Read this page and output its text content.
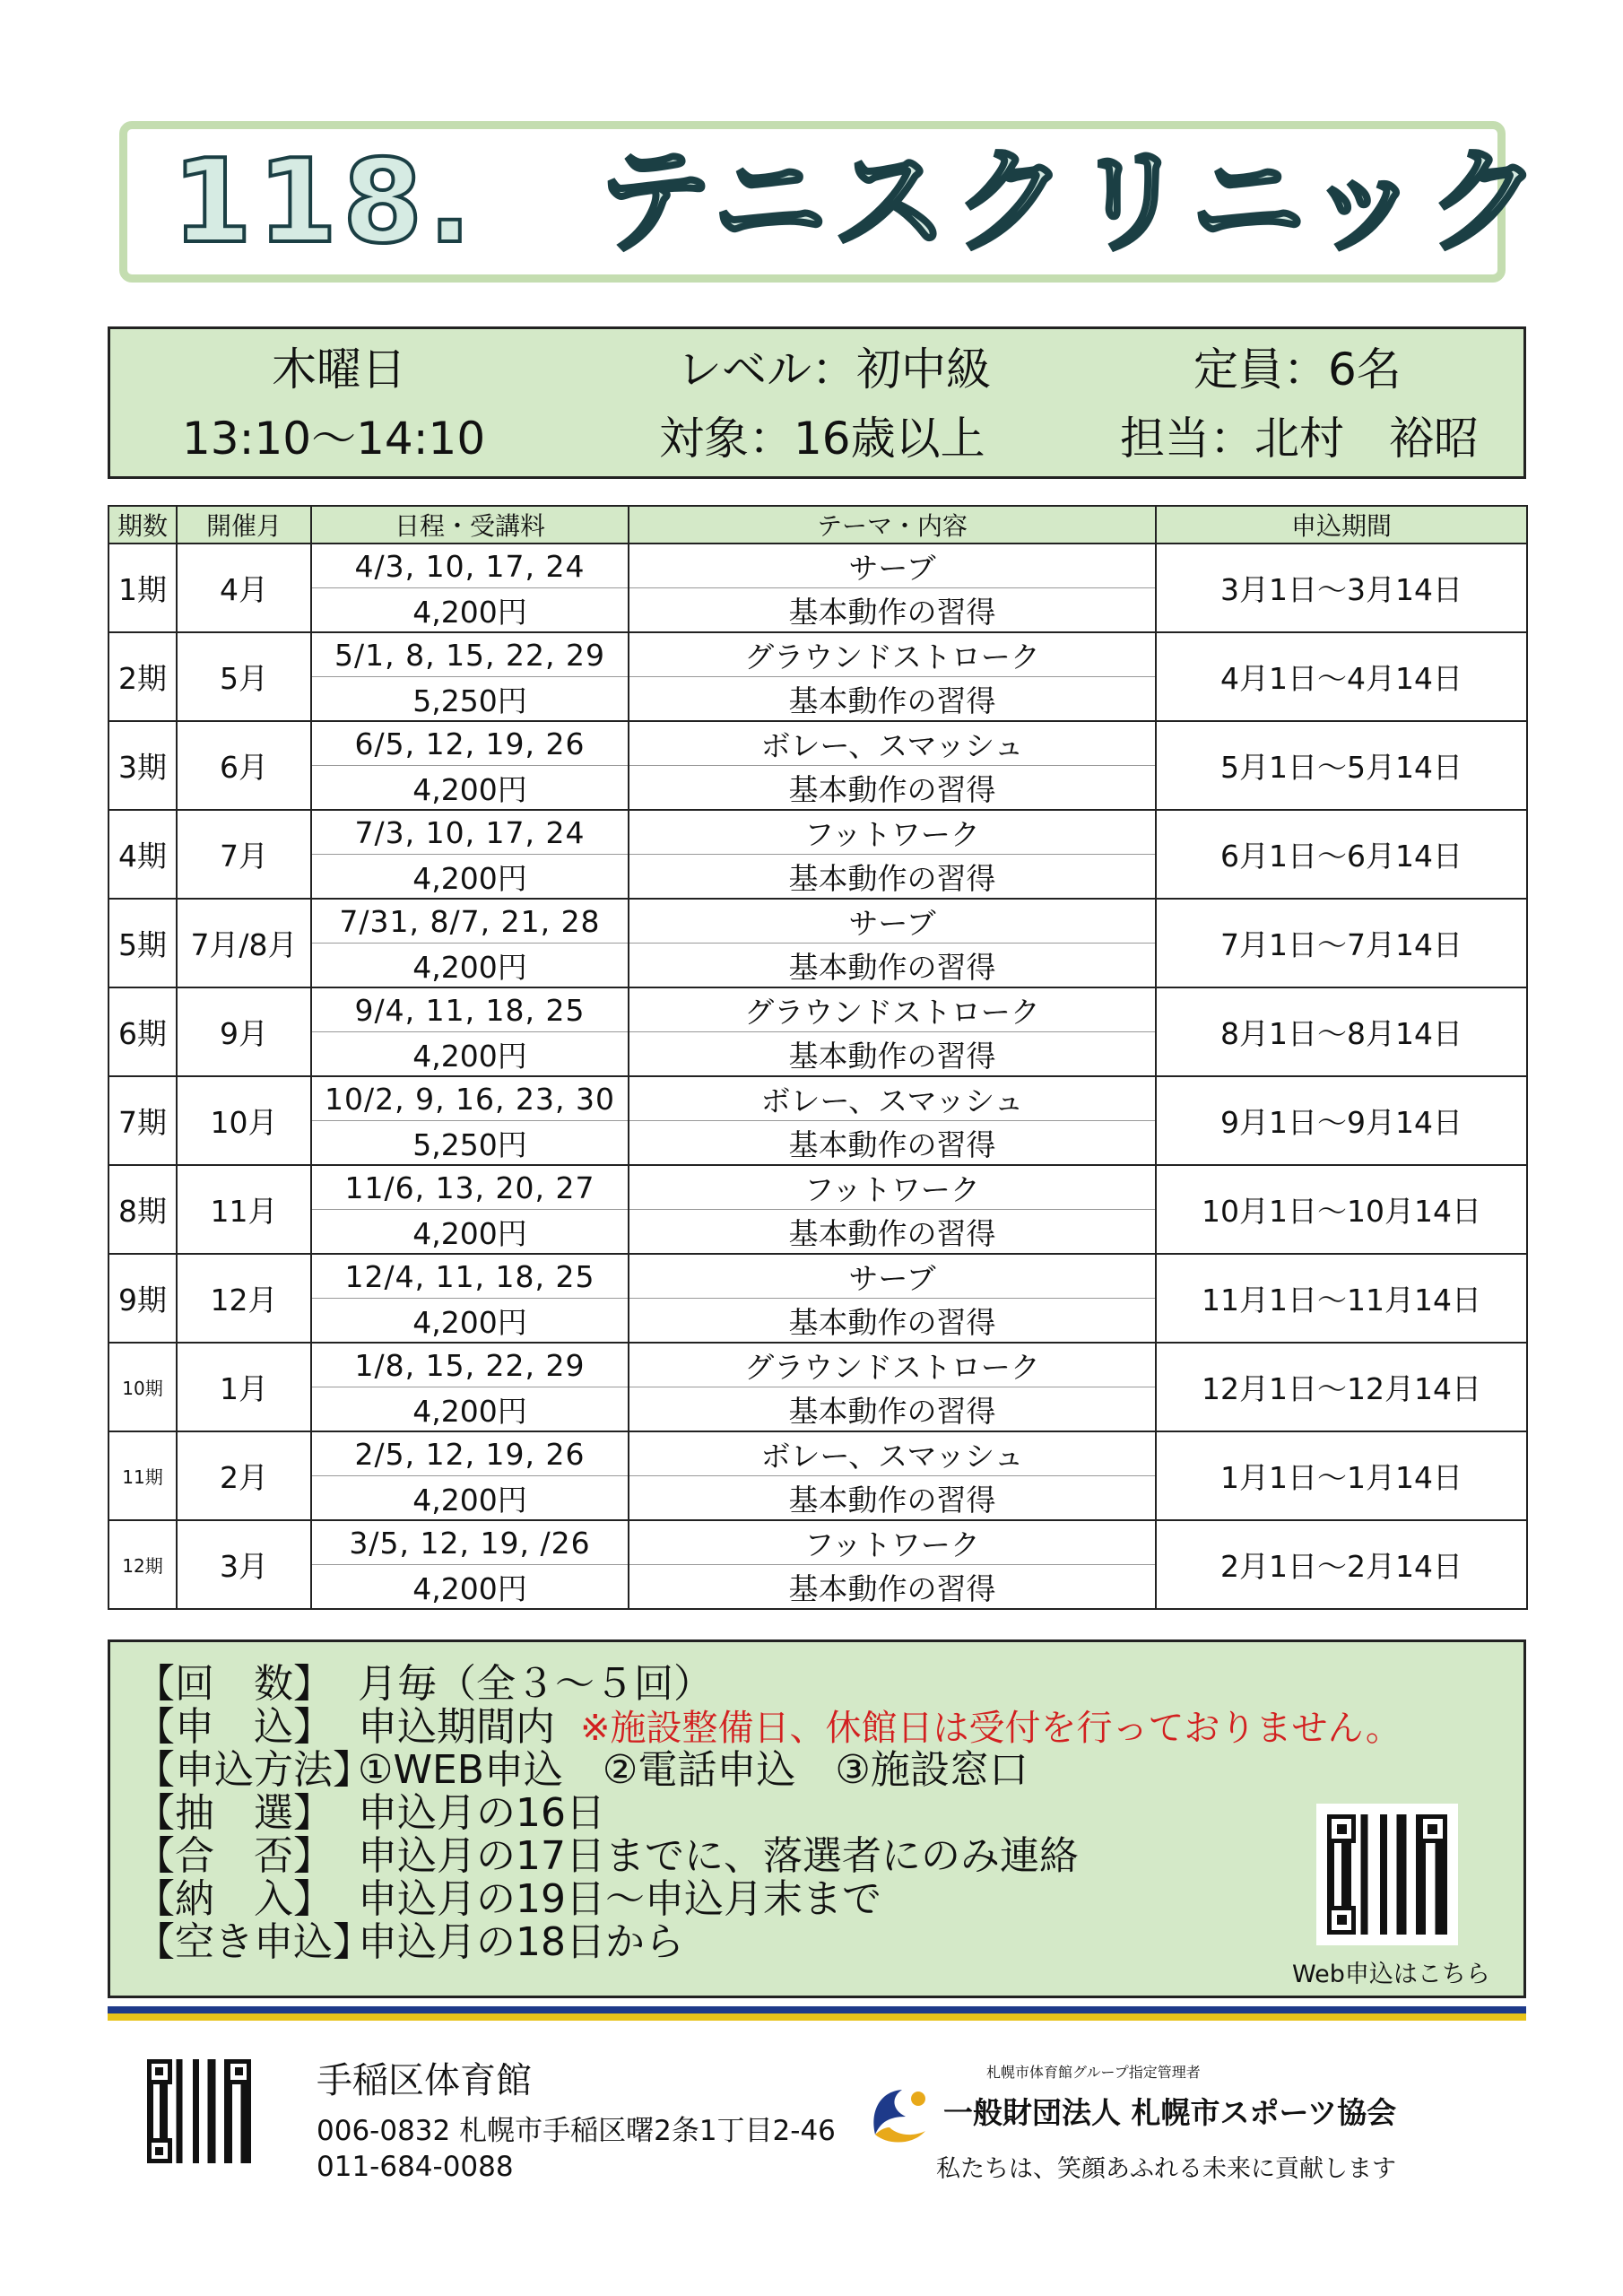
118.　テニスクリニック
木曜日
13:10～14:10
レベル：初中級
対象：16歳以上
定員：6名
担当：北村　裕昭
期数	開催月	日程・受講料	テーマ・内容	申込期間
1期	4月	4/3, 10, 17, 24	サーブ	3月1日～3月14日
		4,200円	基本動作の習得	
2期	5月	5/1, 8, 15, 22, 29	グラウンドストローク	4月1日～4月14日
		5,250円	基本動作の習得	
3期	6月	6/5, 12, 19, 26	ボレー、スマッシュ	5月1日～5月14日
		4,200円	基本動作の習得	
4期	7月	7/3, 10, 17, 24	フットワーク	6月1日～6月14日
		4,200円	基本動作の習得	
5期	7月/8月	7/31, 8/7, 21, 28	サーブ	7月1日～7月14日
		4,200円	基本動作の習得	
6期	9月	9/4, 11, 18, 25	グラウンドストローク	8月1日～8月14日
		4,200円	基本動作の習得	
7期	10月	10/2, 9, 16, 23, 30	ボレー、スマッシュ	9月1日～9月14日
		5,250円	基本動作の習得	
8期	11月	11/6, 13, 20, 27	フットワーク	10月1日～10月14日
		4,200円	基本動作の習得	
9期	12月	12/4, 11, 18, 25	サーブ	11月1日～11月14日
		4,200円	基本動作の習得	
10期	1月	1/8, 15, 22, 29	グラウンドストローク	12月1日～12月14日
		4,200円	基本動作の習得	
11期	2月	2/5, 12, 19, 26	ボレー、スマッシュ	1月1日～1月14日
		4,200円	基本動作の習得	
12期	3月	3/5, 12, 19, /26	フットワーク	2月1日～2月14日
		4,200円	基本動作の習得	
【回　数】 月毎（全３～５回）
【申　込】 申込期間内 ※施設整備日、休館日は受付を行っておりません。
【申込方法】①WEB申込　②電話申込　③施設窓口
【抽　選】 申込月の16日
【合　否】 申込月の17日までに、落選者にのみ連絡
【納　入】 申込月の19日～申込月末まで
【空き申込】申込月の18日から
Web申込はこちら
手稲区体育館
006-0832 札幌市手稲区曙2条1丁目2-46
011-684-0088
札幌市体育館グループ指定管理者
一般財団法人 札幌市スポーツ協会
私たちは、笑顔あふれる未来に貢献します
